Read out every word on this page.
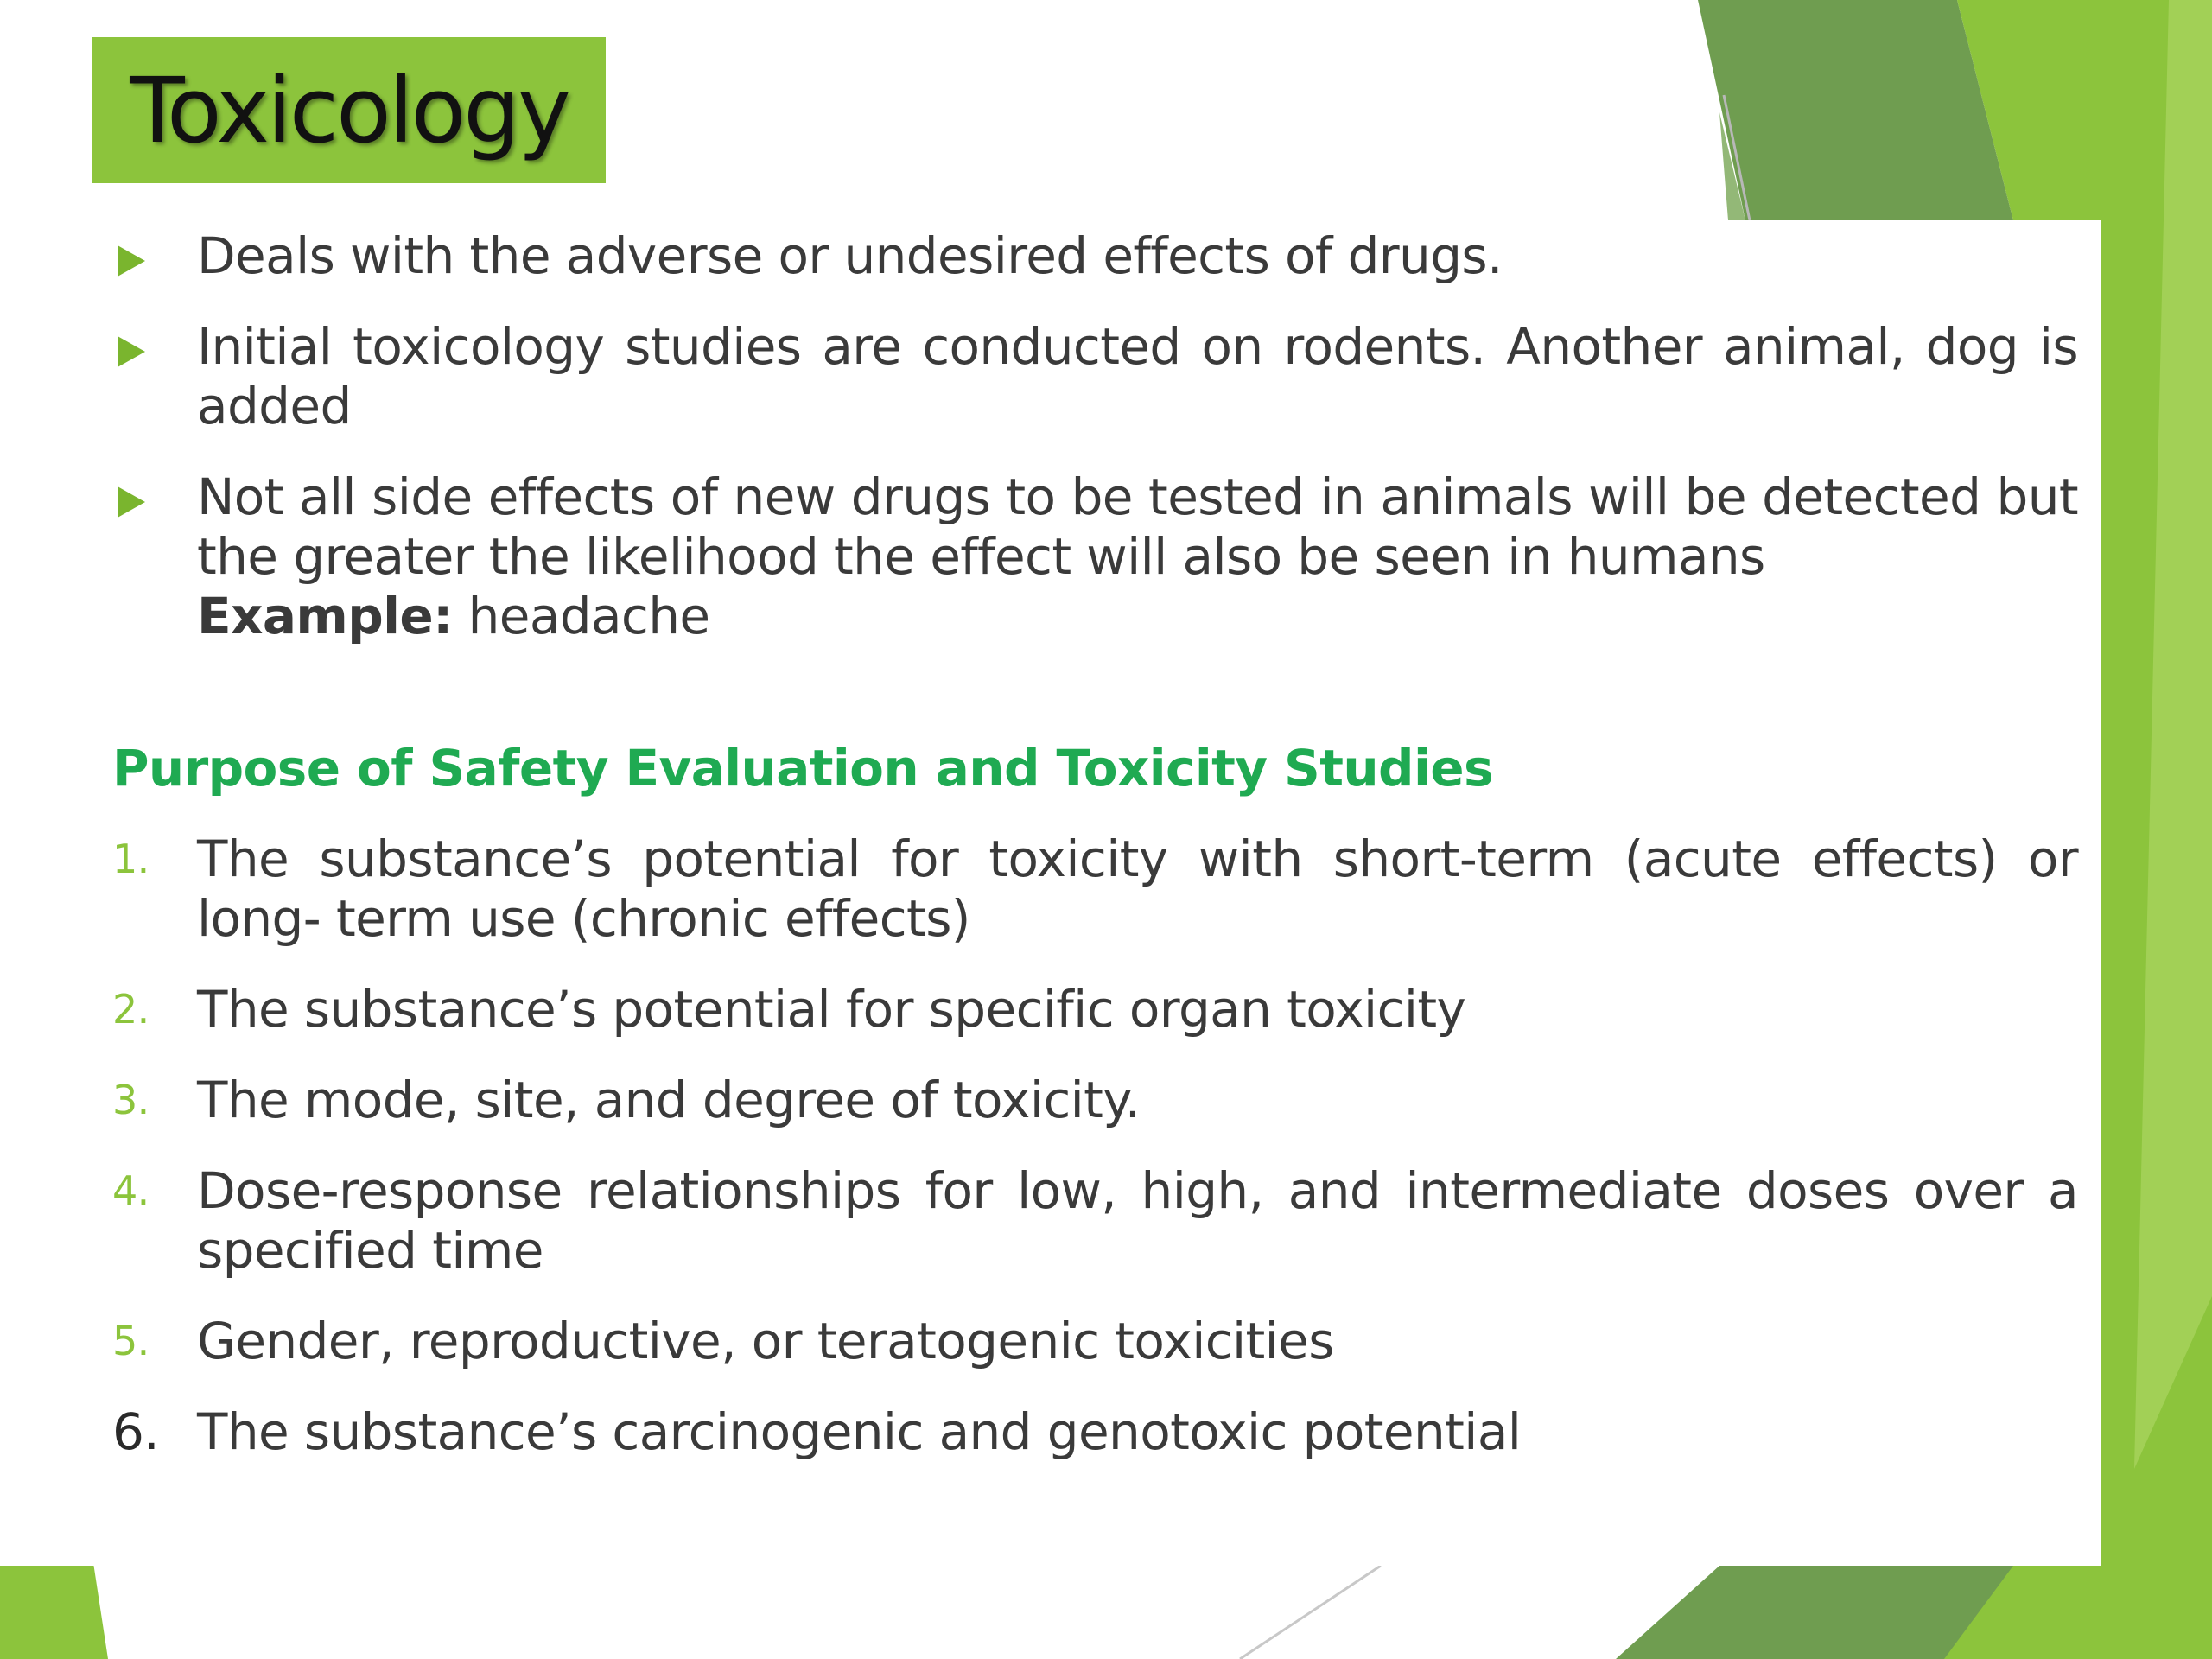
Toxicology
Deals with the adverse or undesired effects of drugs.
Initial toxicology studies are conducted on rodents. Another animal, dog is added
Not all side effects of new drugs to be tested in animals will be detected but the greater the likelihood the effect will also be seen in humans
Example: headache
Purpose of Safety Evaluation and Toxicity Studies
1. The substance’s potential for toxicity with short-term (acute effects) or long- term use (chronic effects)
2. The substance’s potential for specific organ toxicity
3. The mode, site, and degree of toxicity.
4. Dose-response relationships for low, high, and intermediate doses over a specified time
5. Gender, reproductive, or teratogenic toxicities
6. The substance’s carcinogenic and genotoxic potential
